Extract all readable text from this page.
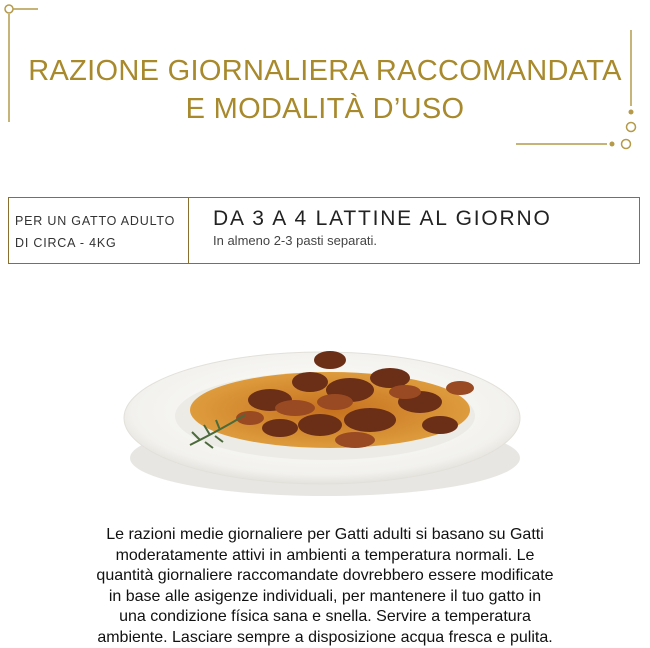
RAZIONE GIORNALIERA RACCOMANDATA
E MODALITÀ D’USO
PER UN GATTO ADULTO
DI CIRCA - 4KG
DA 3 A 4 LATTINE AL GIORNO
In almeno 2-3 pasti separati.
Le razioni medie giornaliere per Gatti adulti si basano su Gatti
moderatamente attivi in ambienti a temperatura normali. Le
quantità giornaliere raccomandate dovrebbero essere modificate
in base alle asigenze individuali, per mantenere il tuo gatto in
una condizione física sana e snella. Servire a temperatura
ambiente. Lasciare sempre a disposizione acqua fresca e pulita.
